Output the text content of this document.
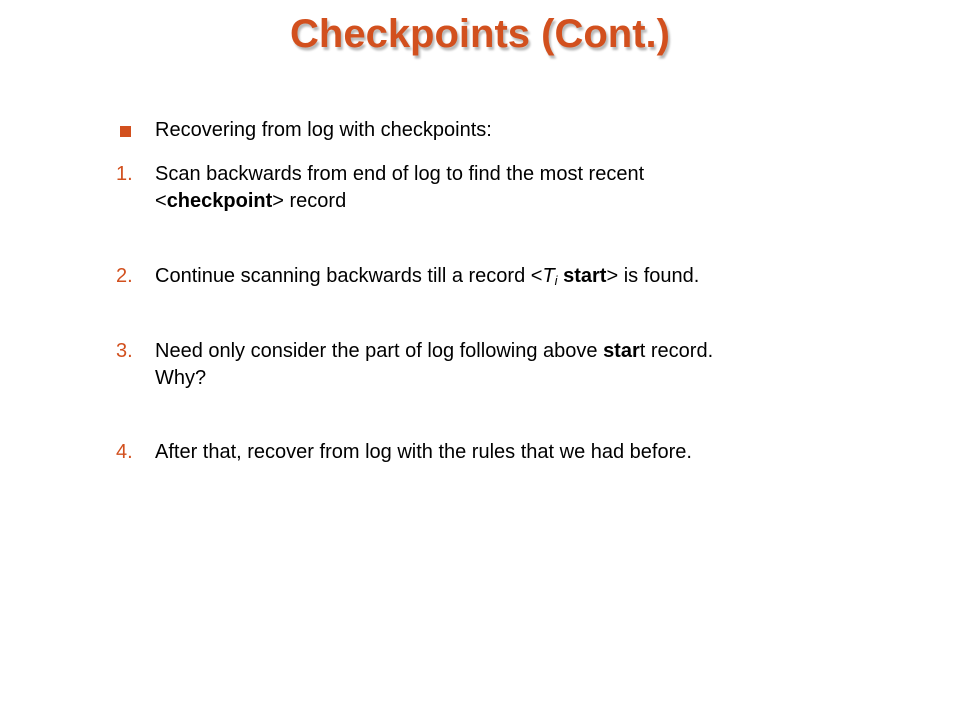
Checkpoints (Cont.)
Recovering from log with checkpoints:
1. Scan backwards from end of log to find the most recent
<checkpoint> record
2. Continue scanning backwards till a record $<T_i$ start> is found.
3. Need only consider the part of log following above start record.
Why?
4. After that, recover from log with the rules that we had before.
